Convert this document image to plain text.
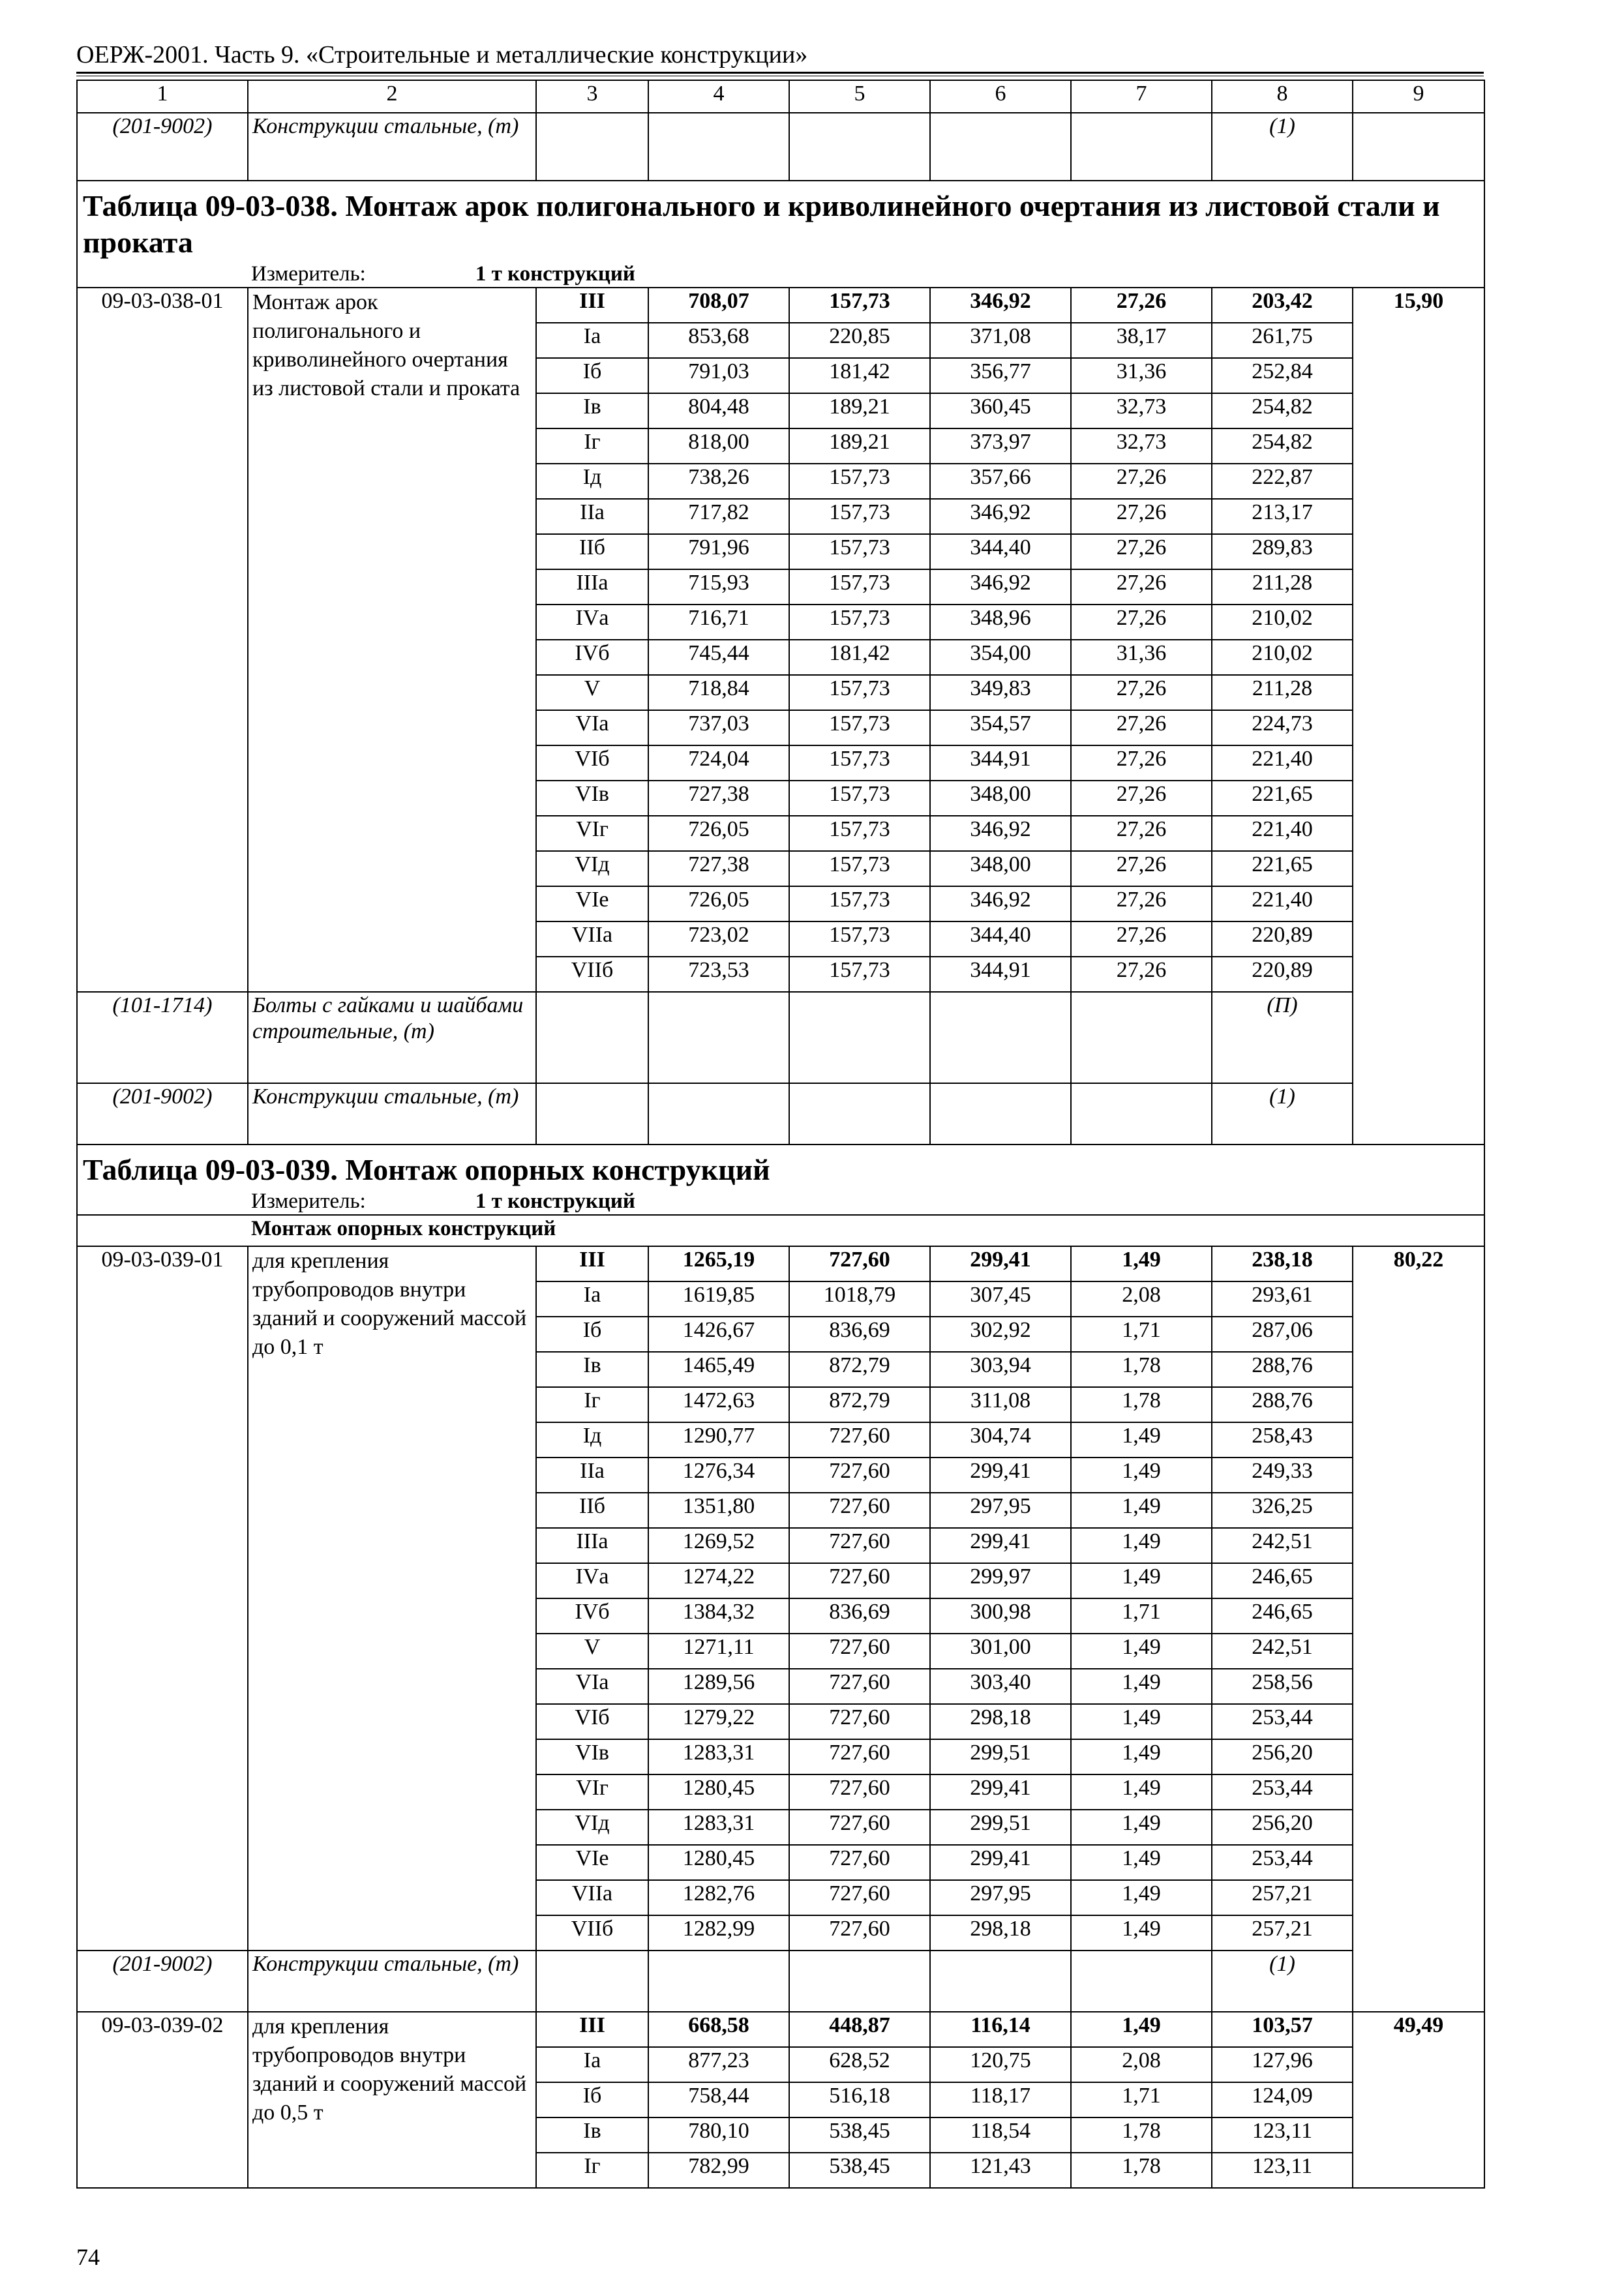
ОЕРЖ-2001. Часть 9. «Строительные и металлические конструкции»
1	2	3	4	5	6	7	8	9
(201-9002)	Конструкции стальные, (т)						(1)	
Таблица 09-03-038. Монтаж арок полигонального и криволинейного очертания из листовой стали и проката								
Измеритель: 1 т конструкций								
09-03-038-01	Монтаж арок полигонального и криволинейного очертания из листовой стали и проката	III	708,07	157,73	346,92	27,26	203,42	15,90
		Iа	853,68	220,85	371,08	38,17	261,75	
		Iб	791,03	181,42	356,77	31,36	252,84	
		Iв	804,48	189,21	360,45	32,73	254,82	
		Iг	818,00	189,21	373,97	32,73	254,82	
		Iд	738,26	157,73	357,66	27,26	222,87	
		IIа	717,82	157,73	346,92	27,26	213,17	
		IIб	791,96	157,73	344,40	27,26	289,83	
		IIIа	715,93	157,73	346,92	27,26	211,28	
		IVа	716,71	157,73	348,96	27,26	210,02	
		IVб	745,44	181,42	354,00	31,36	210,02	
		V	718,84	157,73	349,83	27,26	211,28	
		VIа	737,03	157,73	354,57	27,26	224,73	
		VIб	724,04	157,73	344,91	27,26	221,40	
		VIв	727,38	157,73	348,00	27,26	221,65	
		VIг	726,05	157,73	346,92	27,26	221,40	
		VIд	727,38	157,73	348,00	27,26	221,65	
		VIе	726,05	157,73	346,92	27,26	221,40	
		VIIа	723,02	157,73	344,40	27,26	220,89	
		VIIб	723,53	157,73	344,91	27,26	220,89	
(101-1714)	Болты с гайками и шайбами строительные, (т)						(П)	
(201-9002)	Конструкции стальные, (т)						(1)	
Таблица 09-03-039. Монтаж опорных конструкций								
Измеритель: 1 т конструкций								
Монтаж опорных конструкций								
09-03-039-01	для крепления трубопроводов внутри зданий и сооружений массой до 0,1 т	III	1265,19	727,60	299,41	1,49	238,18	80,22
		Iа	1619,85	1018,79	307,45	2,08	293,61	
		Iб	1426,67	836,69	302,92	1,71	287,06	
		Iв	1465,49	872,79	303,94	1,78	288,76	
		Iг	1472,63	872,79	311,08	1,78	288,76	
		Iд	1290,77	727,60	304,74	1,49	258,43	
		IIа	1276,34	727,60	299,41	1,49	249,33	
		IIб	1351,80	727,60	297,95	1,49	326,25	
		IIIа	1269,52	727,60	299,41	1,49	242,51	
		IVа	1274,22	727,60	299,97	1,49	246,65	
		IVб	1384,32	836,69	300,98	1,71	246,65	
		V	1271,11	727,60	301,00	1,49	242,51	
		VIа	1289,56	727,60	303,40	1,49	258,56	
		VIб	1279,22	727,60	298,18	1,49	253,44	
		VIв	1283,31	727,60	299,51	1,49	256,20	
		VIг	1280,45	727,60	299,41	1,49	253,44	
		VIд	1283,31	727,60	299,51	1,49	256,20	
		VIе	1280,45	727,60	299,41	1,49	253,44	
		VIIа	1282,76	727,60	297,95	1,49	257,21	
		VIIб	1282,99	727,60	298,18	1,49	257,21	
(201-9002)	Конструкции стальные, (т)						(1)	
09-03-039-02	для крепления трубопроводов внутри зданий и сооружений массой до 0,5 т	III	668,58	448,87	116,14	1,49	103,57	49,49
		Iа	877,23	628,52	120,75	2,08	127,96	
		Iб	758,44	516,18	118,17	1,71	124,09	
		Iв	780,10	538,45	118,54	1,78	123,11	
		Iг	782,99	538,45	121,43	1,78	123,11	
74
